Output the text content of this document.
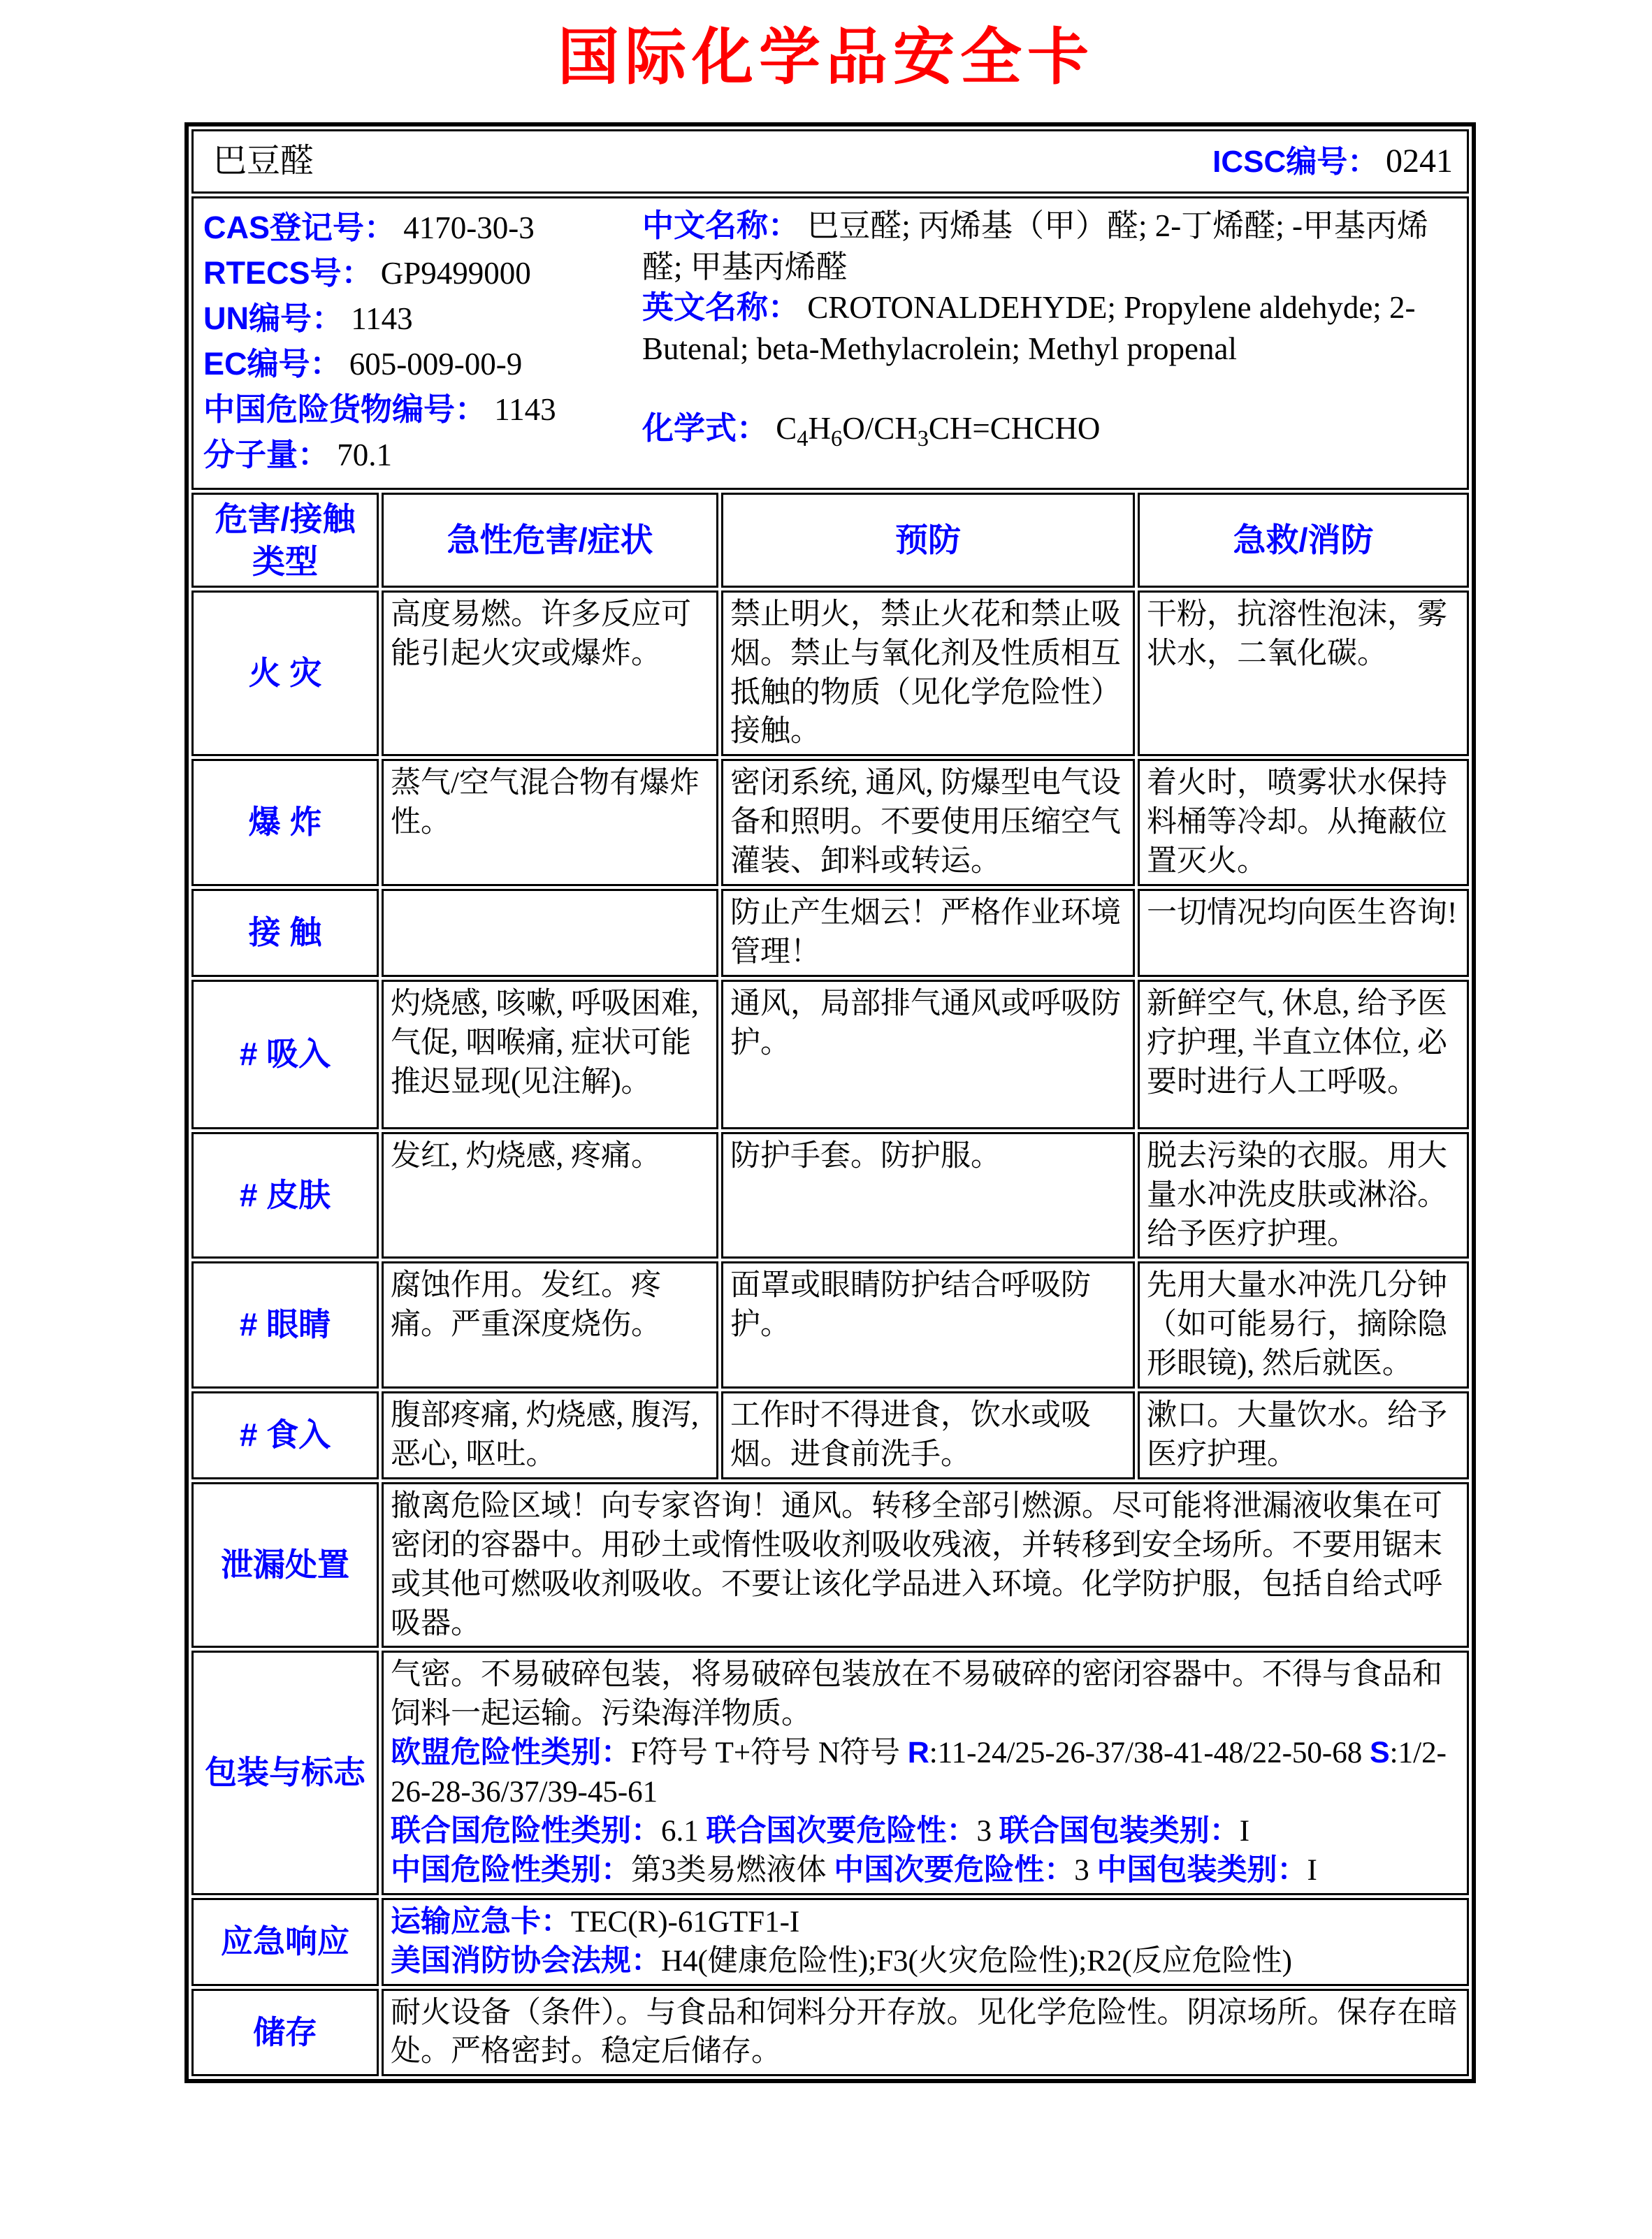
国际化学品安全卡
巴豆醛 ICSC编号： 0241			

CAS登记号： 4170-30-3
RTECS号： GP9499000
UN编号： 1143
EC编号： 605-009-00-9
中国危险货物编号： 1143
分子量： 70.1
中文名称： 巴豆醛; 丙烯基（甲）醛; 2-丁烯醛; -甲基丙烯醛; 甲基丙烯醛
英文名称： CROTONALDEHYDE; Propylene aldehyde; 2-Butenal; beta-Methylacrolein; Methyl propenal
化学式： $C_4H_6O/CH_3CH=CHCHO$

危害/接触类型	急性危害/症状	预防	急救/消防
火 灾	高度易燃。许多反应可能引起火灾或爆炸。	禁止明火，禁止火花和禁止吸烟。禁止与氧化剂及性质相互抵触的物质（见化学危险性）接触。	干粉，抗溶性泡沫，雾状水，二氧化碳。
爆 炸	蒸气/空气混合物有爆炸性。	密闭系统, 通风, 防爆型电气设备和照明。不要使用压缩空气灌装、卸料或转运。	着火时，喷雾状水保持料桶等冷却。从掩蔽位置灭火。
接 触		防止产生烟云！严格作业环境管理！	一切情况均向医生咨询!
# 吸入	灼烧感, 咳嗽, 呼吸困难, 气促, 咽喉痛, 症状可能推迟显现(见注解)。	通风，局部排气通风或呼吸防护。	新鲜空气, 休息, 给予医疗护理, 半直立体位, 必要时进行人工呼吸。
# 皮肤	发红, 灼烧感, 疼痛。	防护手套。防护服。	脱去污染的衣服。用大量水冲洗皮肤或淋浴。给予医疗护理。
# 眼睛	腐蚀作用。发红。疼痛。严重深度烧伤。	面罩或眼睛防护结合呼吸防护。	先用大量水冲洗几分钟（如可能易行，摘除隐形眼镜), 然后就医。
# 食入	腹部疼痛, 灼烧感, 腹泻, 恶心, 呕吐。	工作时不得进食，饮水或吸烟。进食前洗手。	漱口。大量饮水。给予医疗护理。
泄漏处置	撤离危险区域！向专家咨询！通风。转移全部引燃源。尽可能将泄漏液收集在可密闭的容器中。用砂土或惰性吸收剂吸收残液，并转移到安全场所。不要用锯末或其他可燃吸收剂吸收。不要让该化学品进入环境。化学防护服，包括自给式呼吸器。		
包装与标志	气密。不易破碎包装，将易破碎包装放在不易破碎的密闭容器中。不得与食品和饲料一起运输。污染海洋物质。
欧盟危险性类别：F符号 T+符号 N符号 R:11-24/25-26-37/38-41-48/22-50-68 S:1/2-26-28-36/37/39-45-61
联合国危险性类别：6.1 联合国次要危险性：3 联合国包装类别：I
中国危险性类别：第3类易燃液体 中国次要危险性：3 中国包装类别：I		
应急响应	运输应急卡：TEC(R)-61GTF1-I
美国消防协会法规：H4(健康危险性);F3(火灾危险性);R2(反应危险性)		
储存	耐火设备（条件）。与食品和饲料分开存放。见化学危险性。阴凉场所。保存在暗处。严格密封。稳定后储存。		
